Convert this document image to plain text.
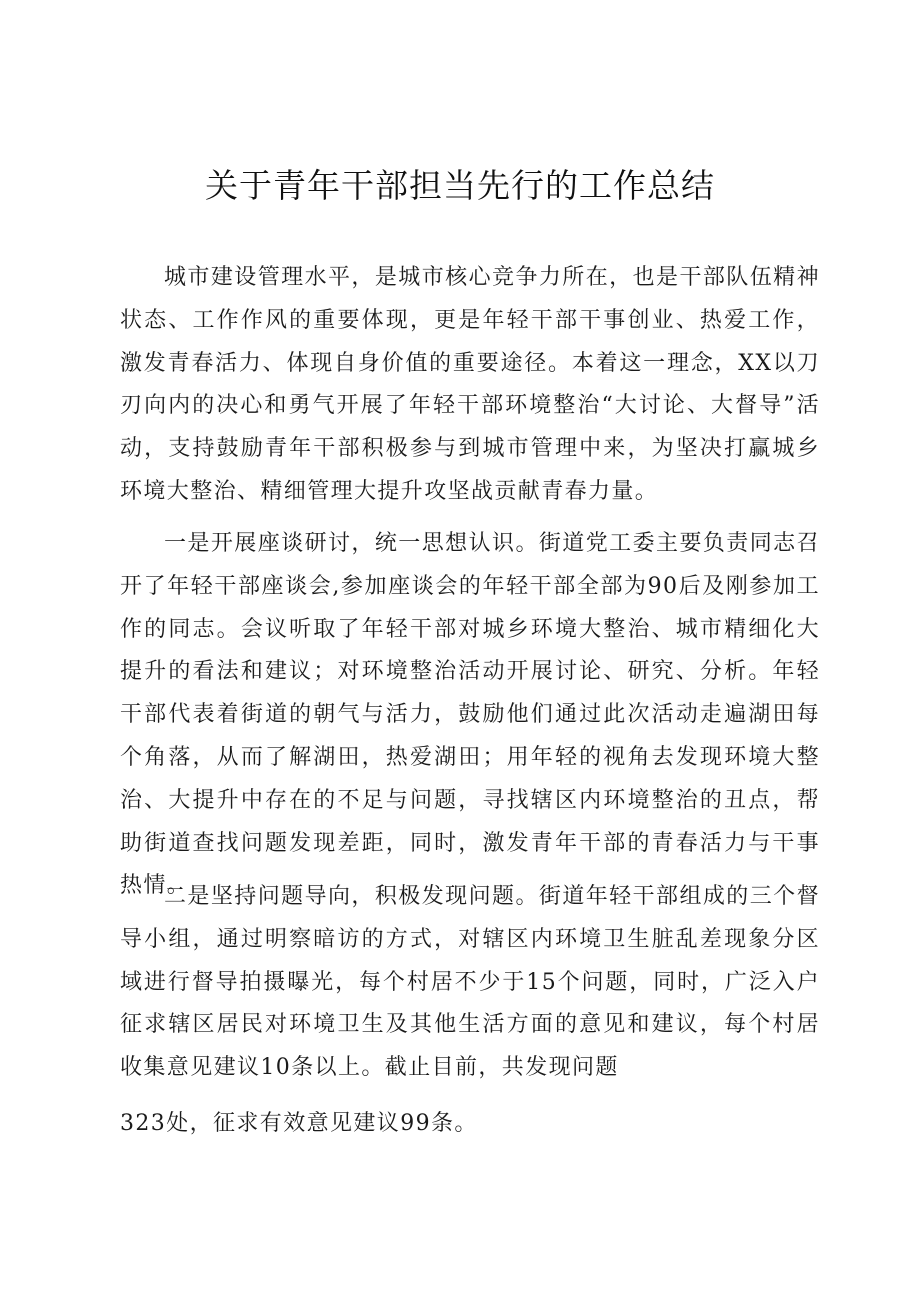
关于青年干部担当先行的工作总结

城市建设管理水平，是城市核心竞争力所在，也是干部队伍精神状态、工作作风的重要体现，更是年轻干部干事创业、热爱工作，激发青春活力、体现自身价值的重要途径。本着这一理念，XX以刀刃向内的决心和勇气开展了年轻干部环境整治“大讨论、大督导”活动，支持鼓励青年干部积极参与到城市管理中来，为坚决打赢城乡环境大整治、精细管理大提升攻坚战贡献青春力量。

一是开展座谈研讨，统一思想认识。街道党工委主要负责同志召开了年轻干部座谈会,参加座谈会的年轻干部全部为90后及刚参加工作的同志。会议听取了年轻干部对城乡环境大整治、城市精细化大提升的看法和建议；对环境整治活动开展讨论、研究、分析。年轻干部代表着街道的朝气与活力，鼓励他们通过此次活动走遍湖田每个角落，从而了解湖田，热爱湖田；用年轻的视角去发现环境大整治、大提升中存在的不足与问题，寻找辖区内环境整治的丑点，帮助街道查找问题发现差距，同时，激发青年干部的青春活力与干事热情。

二是坚持问题导向，积极发现问题。街道年轻干部组成的三个督导小组，通过明察暗访的方式，对辖区内环境卫生脏乱差现象分区域进行督导拍摄曝光，每个村居不少于15个问题，同时，广泛入户征求辖区居民对环境卫生及其他生活方面的意见和建议，每个村居收集意见建议10条以上。截止目前，共发现问题

323处，征求有效意见建议99条。
